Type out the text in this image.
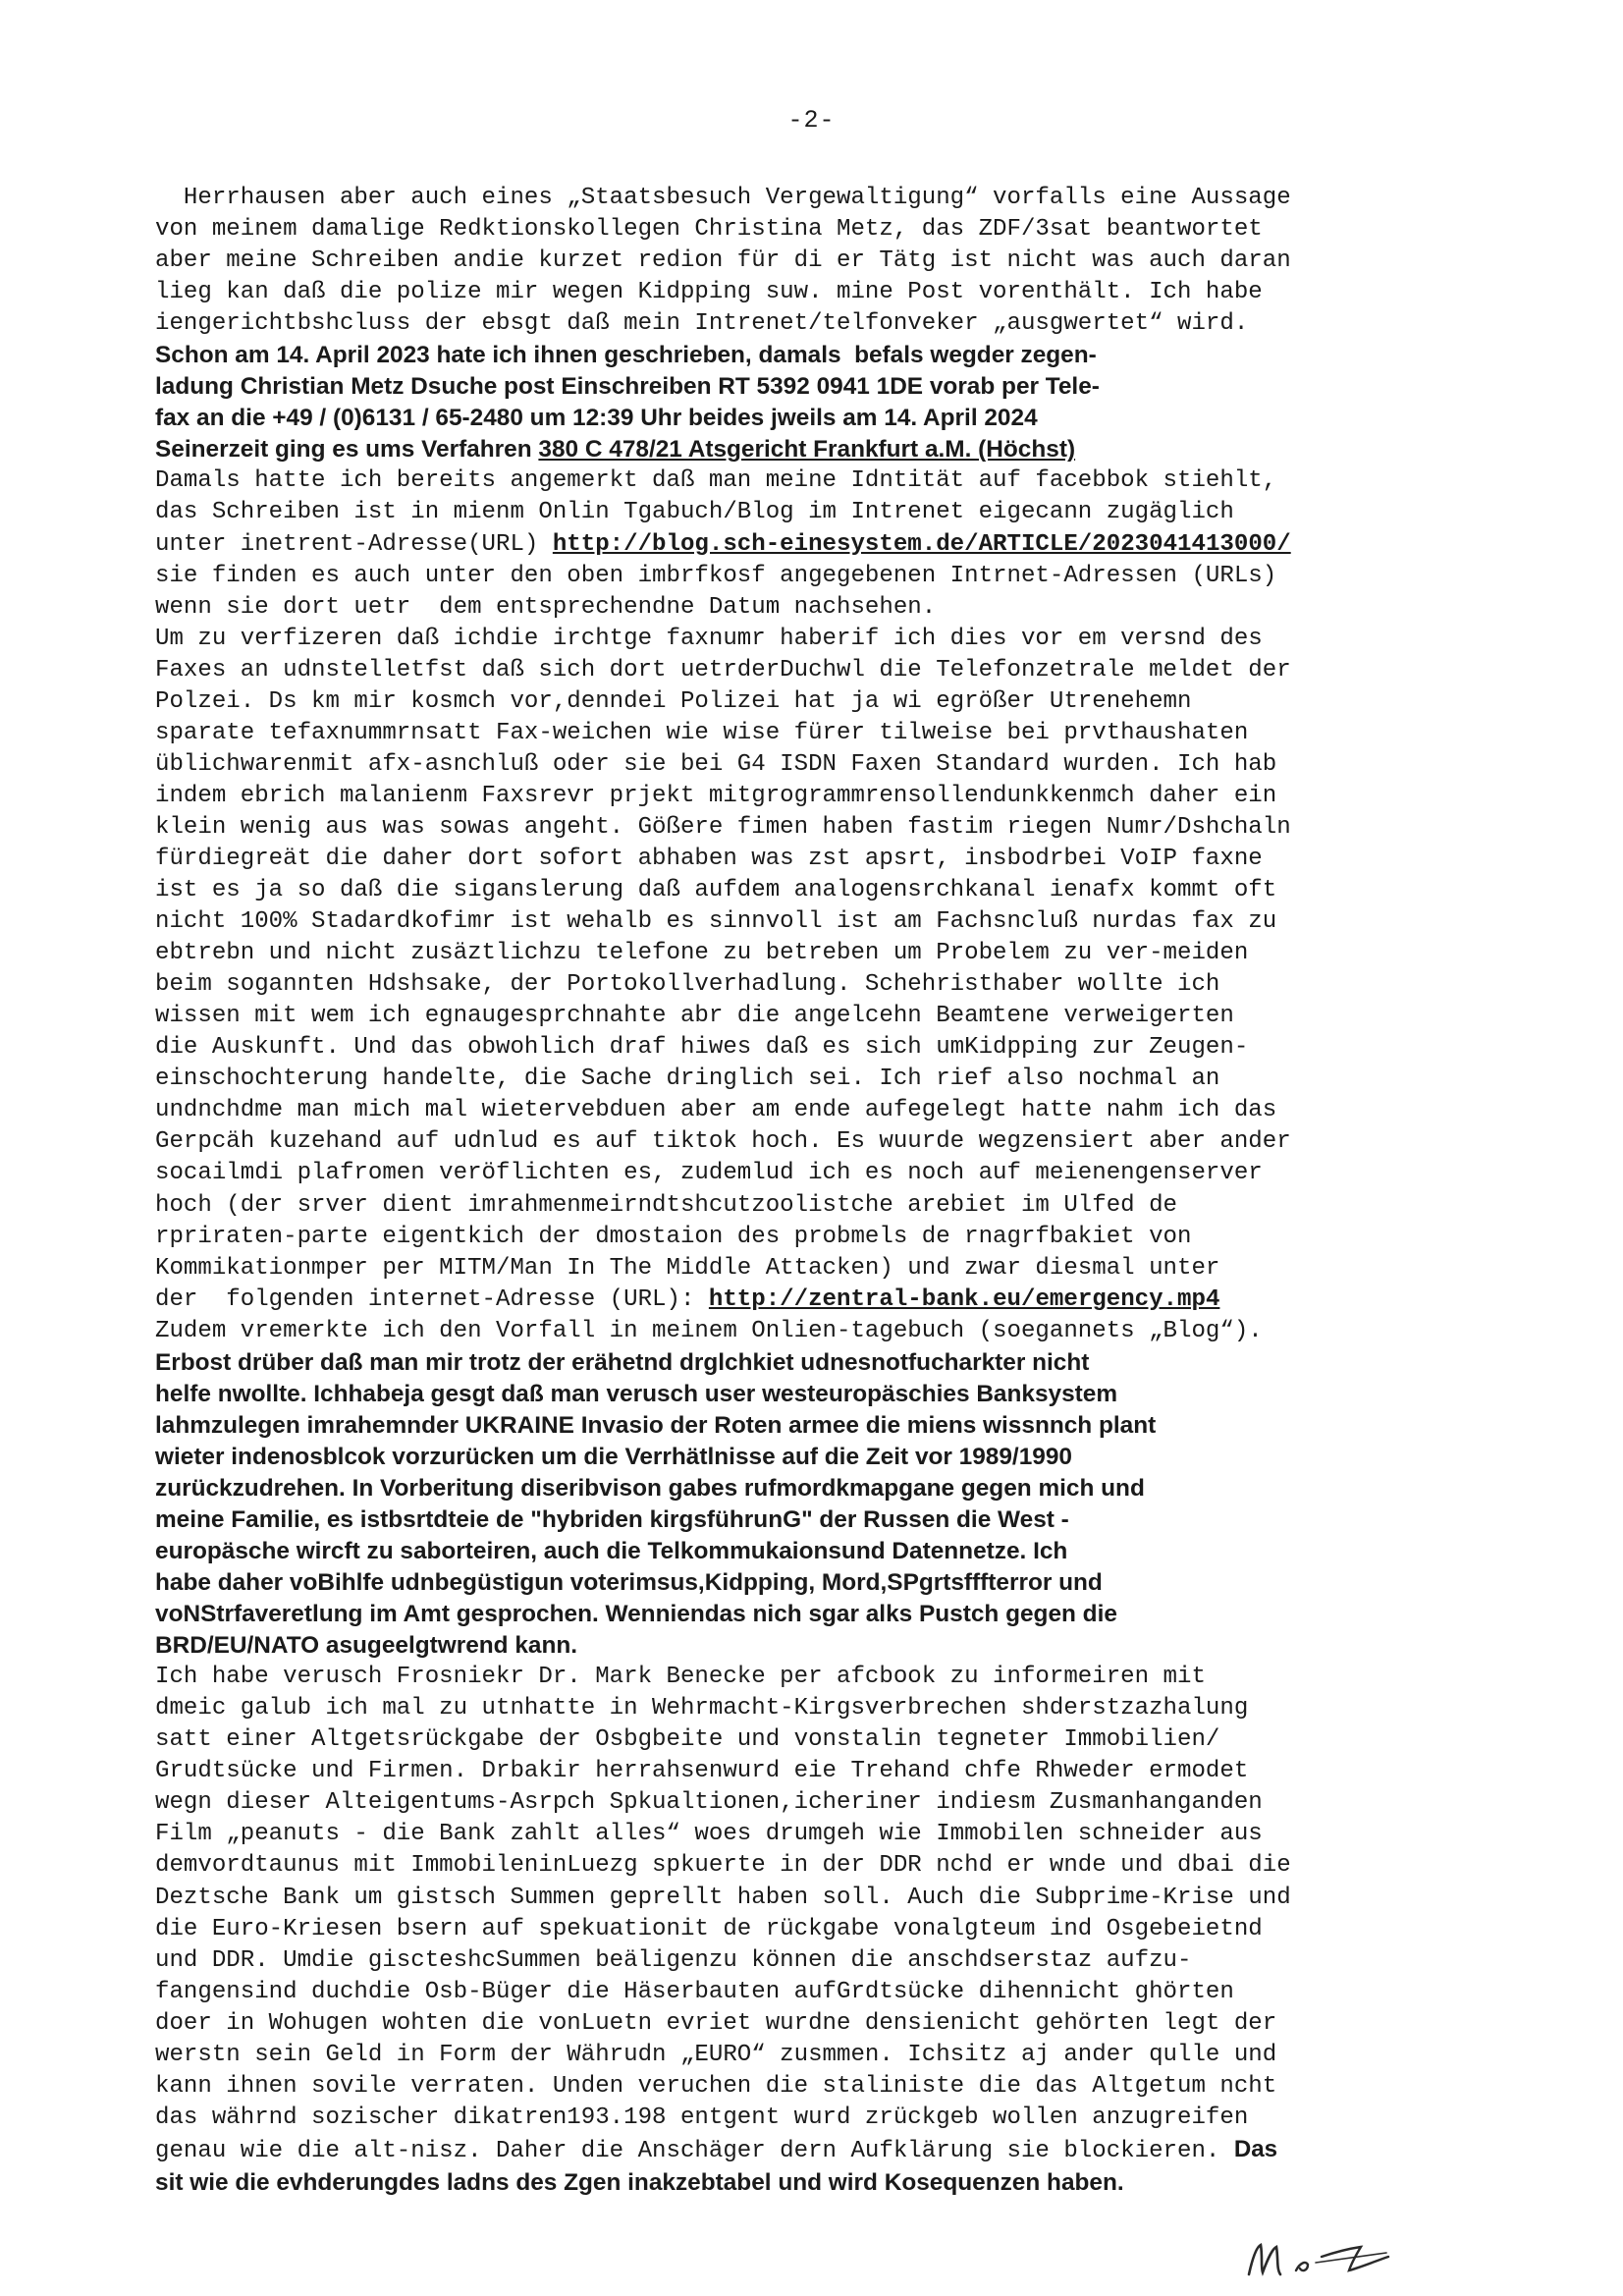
-2-
Herrhausen aber auch eines „Staatsbesuch Vergewaltigung“ vorfalls eine Aussage
von meinem damalige Redktionskollegen Christina Metz, das ZDF/3sat beantwortet
aber meine Schreiben andie kurzet redion für di er Tätg ist nicht was auch daran
lieg kan daß die polize mir wegen Kidpping suw. mine Post vorenthält. Ich habe
iengerichtbshcluss der ebsgt daß mein Intrenet/telfonveker „ausgwertet“ wird.
Schon am 14. April 2023 hate ich ihnen geschrieben, damals  befals wegder zegen-
ladung Christian Metz Dsuche post Einschreiben RT 5392 0941 1DE vorab per Tele-
fax an die +49 / (0)6131 / 65-2480 um 12:39 Uhr beides jweils am 14. April 2024
Seinerzeit ging es ums Verfahren 380 C 478/21 Atsgericht Frankfurt a.M. (Höchst)
Damals hatte ich bereits angemerkt daß man meine Idntität auf facebbok stiehlt,
das Schreiben ist in mienm Onlin Tgabuch/Blog im Intrenet eigecann zugäglich
unter inetrent-Adresse(URL) http://blog.sch-einesystem.de/ARTICLE/2023041413000/
sie finden es auch unter den oben imbrfkosf angegebenen Intrnet-Adressen (URLs)
wenn sie dort uetr  dem entsprechendne Datum nachsehen.
Um zu verfizeren daß ichdie irchtge faxnumr haberif ich dies vor em versnd des
Faxes an udnstelletfst daß sich dort uetrderDuchwl die Telefonzetrale meldet der
Polzei. Ds km mir kosmch vor,denndei Polizei hat ja wi egrößer Utrenehemn
sparate tefaxnummrnsatt Fax-weichen wie wise fürer tilweise bei prvthaushaten
üblichwarenmit afx-asnchluß oder sie bei G4 ISDN Faxen Standard wurden. Ich hab
indem ebrich malanienm Faxsrevr prjekt mitgrogrammrensollendunkkenmch daher ein
klein wenig aus was sowas angeht. Gößere fimen haben fastim riegen Numr/Dshchaln
fürdiegreät die daher dort sofort abhaben was zst apsrt, insbodrbei VoIP faxne
ist es ja so daß die siganslerung daß aufdem analogensrchkanal ienafx kommt oft
nicht 100% Stadardkofimr ist wehalb es sinnvoll ist am Fachsncluß nurdas fax zu
ebtrebn und nicht zusäztlichzu telefone zu betreben um Probelem zu ver-meiden
beim sogannten Hdshsake, der Portokollverhadlung. Schehristhaber wollte ich
wissen mit wem ich egnaugesprchnahte abr die angelcehn Beamtene verweigerten
die Auskunft. Und das obwohlich draf hiwes daß es sich umKidpping zur Zeugen-
einschochterung handelte, die Sache dringlich sei. Ich rief also nochmal an
undnchdme man mich mal wietervebduen aber am ende aufegelegt hatte nahm ich das
Gerpcäh kuzehand auf udnlud es auf tiktok hoch. Es wuurde wegzensiert aber ander
socailmdi plafromen veröflichten es, zudemlud ich es noch auf meienengenserver
hoch (der srver dient imrahmenmeirndtshcutzoolistche arebiet im Ulfed de
rpriraten-parte eigentkich der dmostaion des probmels de rnagrfbakiet von
Kommikationmper per MITM/Man In The Middle Attacken) und zwar diesmal unter
der  folgenden internet-Adresse (URL): http://zentral-bank.eu/emergency.mp4
Zudem vremerkte ich den Vorfall in meinem Onlien-tagebuch (soegannets „Blog“).
Erbost drüber daß man mir trotz der erähetnd drglchkiet udnesnotfucharkter nicht
helfe nwollte. Ichhabeja gesgt daß man verusch user westeuropäschies Banksystem
lahmzulegen imrahemnder UKRAINE Invasio der Roten armee die miens wissnnch plant
wieter indenosblcok vorzurücken um die Verrhätlnisse auf die Zeit vor 1989/1990
zurückzudrehen. In Vorberitung diseribvison gabes rufmordkmapgane gegen mich und
meine Familie, es istbsrtdteie de "hybriden kirgsführunG" der Russen die West -
europäsche wircft zu saborteiren, auch die Telkommukaionsund Datennetze. Ich
habe daher voBihlfe udnbegüstigun voterimsus,Kidpping, Mord,SPgrtsfffterror und
voNStrfaveretlung im Amt gesprochen. Wenniendas nich sgar alks Pustch gegen die
BRD/EU/NATO asugeelgtwrend kann.
Ich habe verusch Frosniekr Dr. Mark Benecke per afcbook zu informeiren mit
dmeic galub ich mal zu utnhatte in Wehrmacht-Kirgsverbrechen shderstzazhalung
satt einer Altgetsrückgabe der Osbgbeite und vonstalin tegneter Immobilien/
Grudtsücke und Firmen. Drbakir herrahsenwurd eie Trehand chfe Rhweder ermodet
wegn dieser Alteigentums-Asrpch Spkualtionen,icheriner indiesm Zusmanhanganden
Film „peanuts - die Bank zahlt alles“ woes drumgeh wie Immobilen schneider aus
demvordtaunus mit ImmobileninLuezg spkuerte in der DDR nchd er wnde und dbai die
Deztsche Bank um gistsch Summen geprellt haben soll. Auch die Subprime-Krise und
die Euro-Kriesen bsern auf spekuationit de rückgabe vonalgteum ind Osgebeietnd
und DDR. Umdie giscteshcSummen beäligenzu können die anschdserstaz aufzu-
fangensind duchdie Osb-Büger die Häserbauten aufGrdtsücke dihennicht ghörten
doer in Wohugen wohten die vonLuetn evriet wurdne densienicht gehörten legt der
werstn sein Geld in Form der Währudn „EURO“ zusmmen. Ichsitz aj ander qulle und
kann ihnen sovile verraten. Unden veruchen die staliniste die das Altgetum ncht
das währnd sozischer dikatren193.198 entgent wurd zrückgeb wollen anzugreifen
genau wie die alt-nisz. Daher die Anschäger dern Aufklärung sie blockieren. Das
sit wie die evhderungdes ladns des Zgen inakzebtabel und wird Kosequenzen haben.
